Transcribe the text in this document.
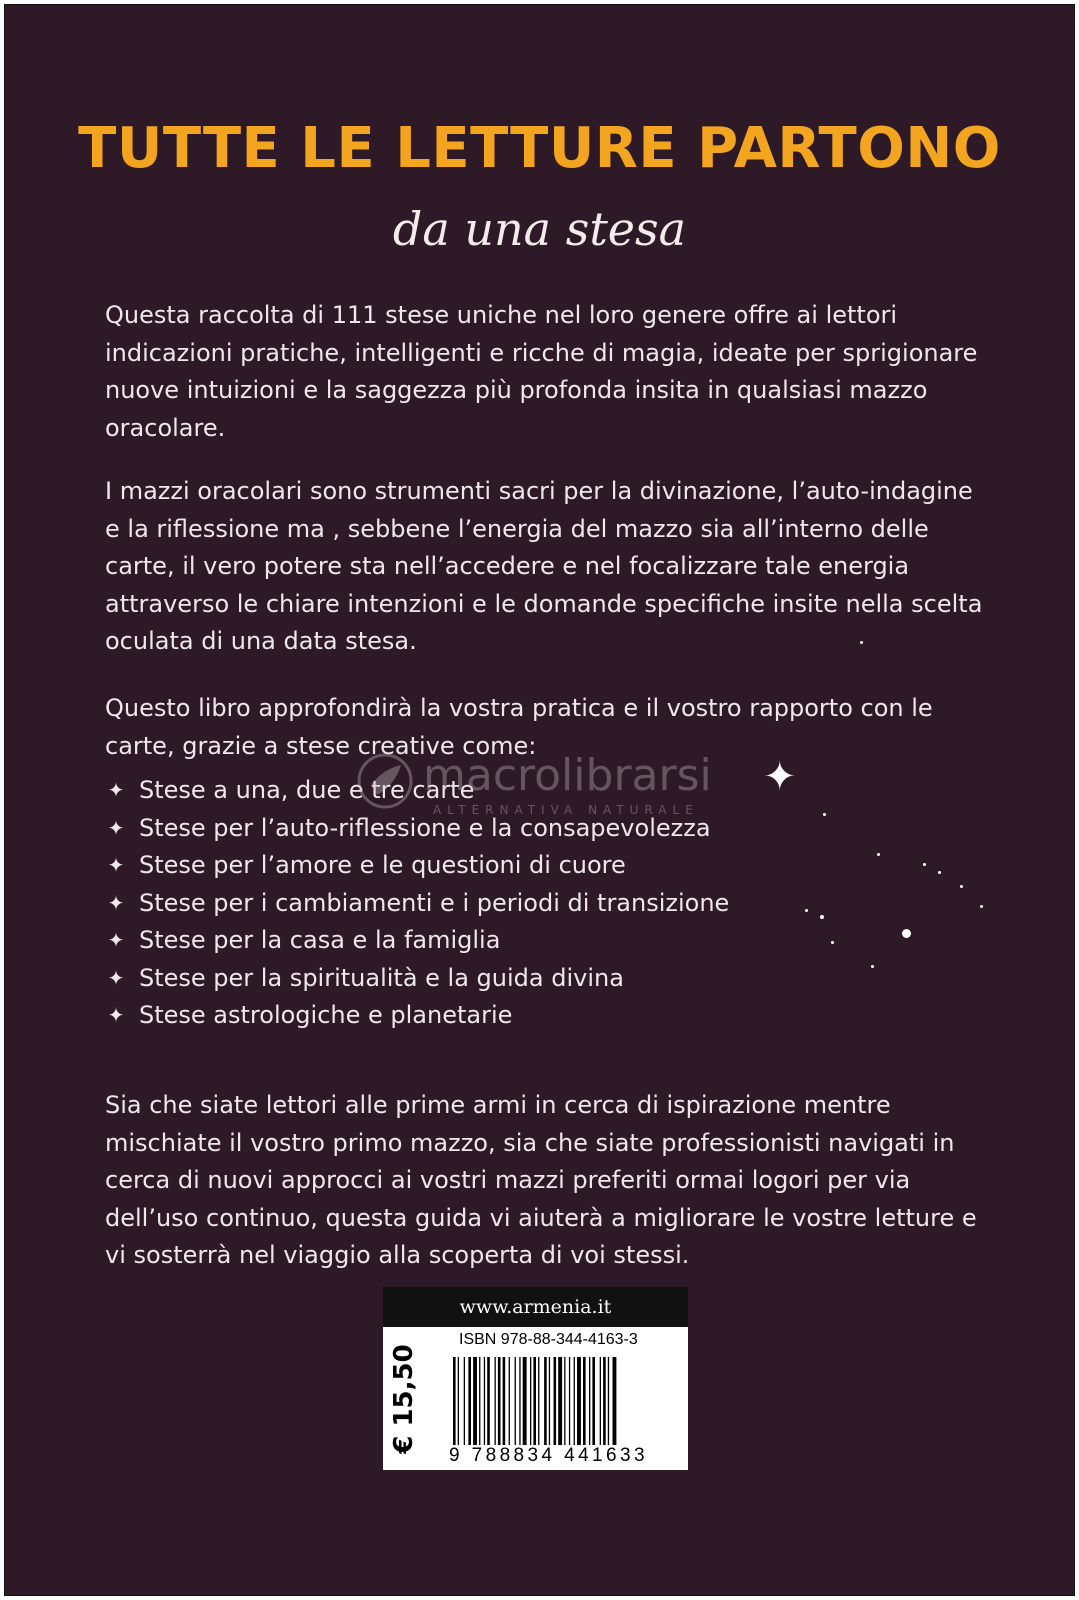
TUTTE LE LETTURE PARTONO
da una stesa

Questa raccolta di 111 stese uniche nel loro genere offre ai lettori indicazioni pratiche, intelligenti e ricche di magia, ideate per sprigionare nuove intuizioni e la saggezza più profonda insita in qualsiasi mazzo oracolare.

I mazzi oracolari sono strumenti sacri per la divinazione, l’auto-indagine e la riflessione ma , sebbene l’energia del mazzo sia all’interno delle carte, il vero potere sta nell’accedere e nel focalizzare tale energia attraverso le chiare intenzioni e le domande specifiche insite nella scelta oculata di una data stesa.

Questo libro approfondirà la vostra pratica e il vostro rapporto con le carte, grazie a stese creative come:

✦ Stese a una, due e tre carte
✦ Stese per l’auto-riflessione e la consapevolezza
✦ Stese per l’amore e le questioni di cuore
✦ Stese per i cambiamenti e i periodi di transizione
✦ Stese per la casa e la famiglia
✦ Stese per la spiritualità e la guida divina
✦ Stese astrologiche e planetarie

Sia che siate lettori alle prime armi in cerca di ispirazione mentre mischiate il vostro primo mazzo, sia che siate professionisti navigati in cerca di nuovi approcci ai vostri mazzi preferiti ormai logori per via dell’uso continuo, questa guida vi aiuterà a migliorare le vostre letture e vi sosterrà nel viaggio alla scoperta di voi stessi.

✦
macrolibrarsi
ALTERNATIVA NATURALE
www.armenia.it
€ 15,50
ISBN 978-88-344-4163-3
9 788834 441633
